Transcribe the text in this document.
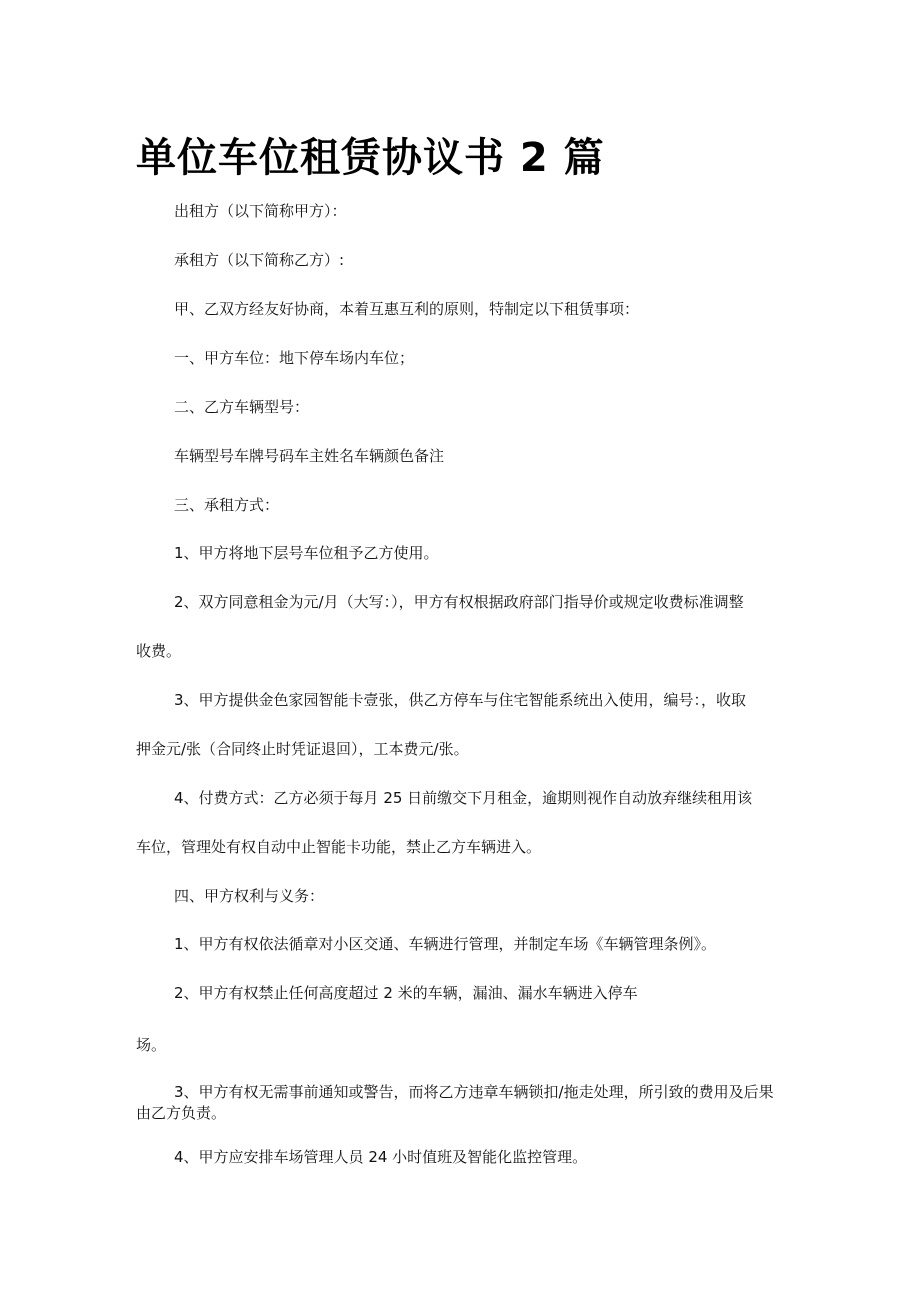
单位车位租赁协议书 2 篇
出租方（以下简称甲方）：
承租方（以下简称乙方）:
甲、乙双方经友好协商，本着互惠互利的原则，特制定以下租赁事项：
一、甲方车位：地下停车场内车位；
二、乙方车辆型号：
车辆型号车牌号码车主姓名车辆颜色备注
三、承租方式：
1、甲方将地下层号车位租予乙方使用。
2、双方同意租金为元/月（大写：），甲方有权根据政府部门指导价或规定收费标准调整
收费。
3、甲方提供金色家园智能卡壹张，供乙方停车与住宅智能系统出入使用，编号：，收取
押金元/张（合同终止时凭证退回），工本费元/张。
4、付费方式：乙方必须于每月 25 日前缴交下月租金，逾期则视作自动放弃继续租用该
车位，管理处有权自动中止智能卡功能，禁止乙方车辆进入。
四、甲方权利与义务：
1、甲方有权依法循章对小区交通、车辆进行管理，并制定车场《车辆管理条例》。
2、甲方有权禁止任何高度超过 2 米的车辆，漏油、漏水车辆进入停车
场。
3、甲方有权无需事前通知或警告，而将乙方违章车辆锁扣/拖走处理，所引致的费用及后果由乙方负责。
4、甲方应安排车场管理人员 24 小时值班及智能化监控管理。
